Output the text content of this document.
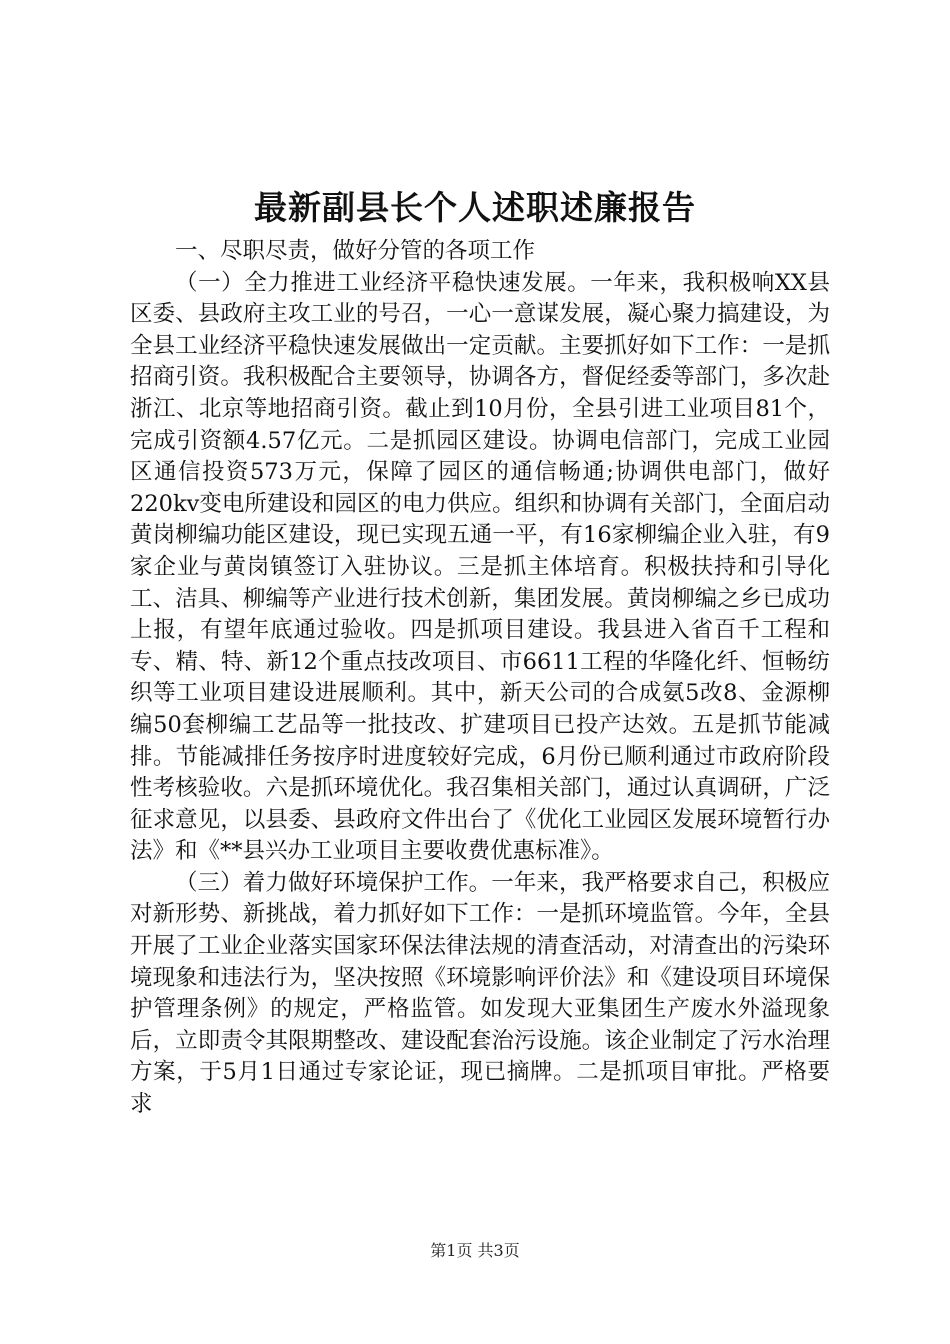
最新副县长个人述职述廉报告

一、尽职尽责，做好分管的各项工作

（一）全力推进工业经济平稳快速发展。一年来，我积极响XX县区委、县政府主攻工业的号召，一心一意谋发展，凝心聚力搞建设，为全县工业经济平稳快速发展做出一定贡献。主要抓好如下工作：一是抓招商引资。我积极配合主要领导，协调各方，督促经委等部门，多次赴浙江、北京等地招商引资。截止到10月份，全县引进工业项目81个，完成引资额4.57亿元。二是抓园区建设。协调电信部门，完成工业园区通信投资573万元，保障了园区的通信畅通;协调供电部门，做好220kv变电所建设和园区的电力供应。组织和协调有关部门，全面启动黄岗柳编功能区建设，现已实现五通一平，有16家柳编企业入驻，有9家企业与黄岗镇签订入驻协议。三是抓主体培育。积极扶持和引导化工、洁具、柳编等产业进行技术创新，集团发展。黄岗柳编之乡已成功上报，有望年底通过验收。四是抓项目建设。我县进入省百千工程和专、精、特、新12个重点技改项目、市6611工程的华隆化纤、恒畅纺织等工业项目建设进展顺利。其中，新天公司的合成氨5改8、金源柳编50套柳编工艺品等一批技改、扩建项目已投产达效。五是抓节能减排。节能减排任务按序时进度较好完成，6月份已顺利通过市政府阶段性考核验收。六是抓环境优化。我召集相关部门，通过认真调研，广泛征求意见，以县委、县政府文件出台了《优化工业园区发展环境暂行办法》和《**县兴办工业项目主要收费优惠标准》。

（三）着力做好环境保护工作。一年来，我严格要求自己，积极应对新形势、新挑战，着力抓好如下工作：一是抓环境监管。今年，全县开展了工业企业落实国家环保法律法规的清查活动，对清查出的污染环境现象和违法行为，坚决按照《环境影响评价法》和《建设项目环境保护管理条例》的规定，严格监管。如发现大亚集团生产废水外溢现象后，立即责令其限期整改、建设配套治污设施。该企业制定了污水治理方案，于5月1日通过专家论证，现已摘牌。二是抓项目审批。严格要求

第1页 共3页
